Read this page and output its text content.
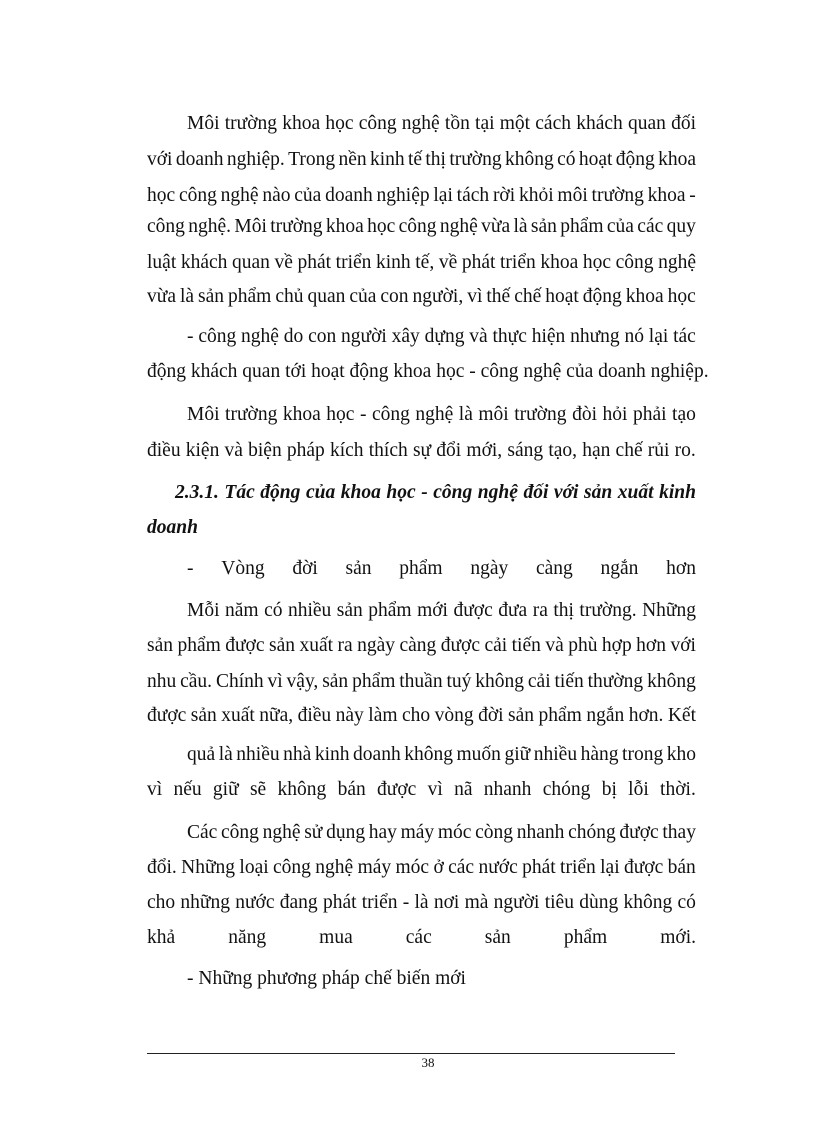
Môi trường khoa học công nghệ tồn tại một cách khách quan đối
với doanh nghiệp. Trong nền kinh tế thị trường không có hoạt động khoa
học công nghệ nào của doanh nghiệp lại tách rời khỏi môi trường khoa -
công nghệ. Môi trường khoa học công nghệ vừa là sản phẩm của các quy
luật khách quan về phát triển kinh tế, về phát triển khoa học công nghệ
vừa là sản phẩm chủ quan của con người, vì thế chế hoạt động khoa học
- công nghệ do con người xây dựng và thực hiện nhưng nó lại tác
động khách quan tới hoạt động khoa học - công nghệ của doanh nghiệp.
Môi trường khoa học - công nghệ là môi trường đòi hỏi phải tạo
điều kiện và biện pháp kích thích sự đổi mới, sáng tạo, hạn chế rủi ro.
2.3.1. Tác động của khoa học - công nghệ đối với sản xuất kinh
doanh
- Vòng đời sản phẩm ngày càng ngắn hơn
Mỗi năm có nhiều sản phẩm mới được đưa ra thị trường. Những
sản phẩm được sản xuất ra ngày càng được cải tiến và phù hợp hơn với
nhu cầu. Chính vì vậy, sản phẩm thuần tuý không cải tiến thường không
được sản xuất nữa, điều này làm cho vòng đời sản phẩm ngắn hơn. Kết
quả là nhiều nhà kinh doanh không muốn giữ nhiều hàng trong kho
vì nếu giữ sẽ không bán được vì nã nhanh chóng bị lỗi thời.
Các công nghệ sử dụng hay máy móc còng nhanh chóng được thay
đổi. Những loại công nghệ máy móc ở các nước phát triển lại được bán
cho những nước đang phát triển - là nơi mà người tiêu dùng không có
khả	năng	mua	các	sản	phẩm	mới.
- Những phương pháp chế biến mới
38
